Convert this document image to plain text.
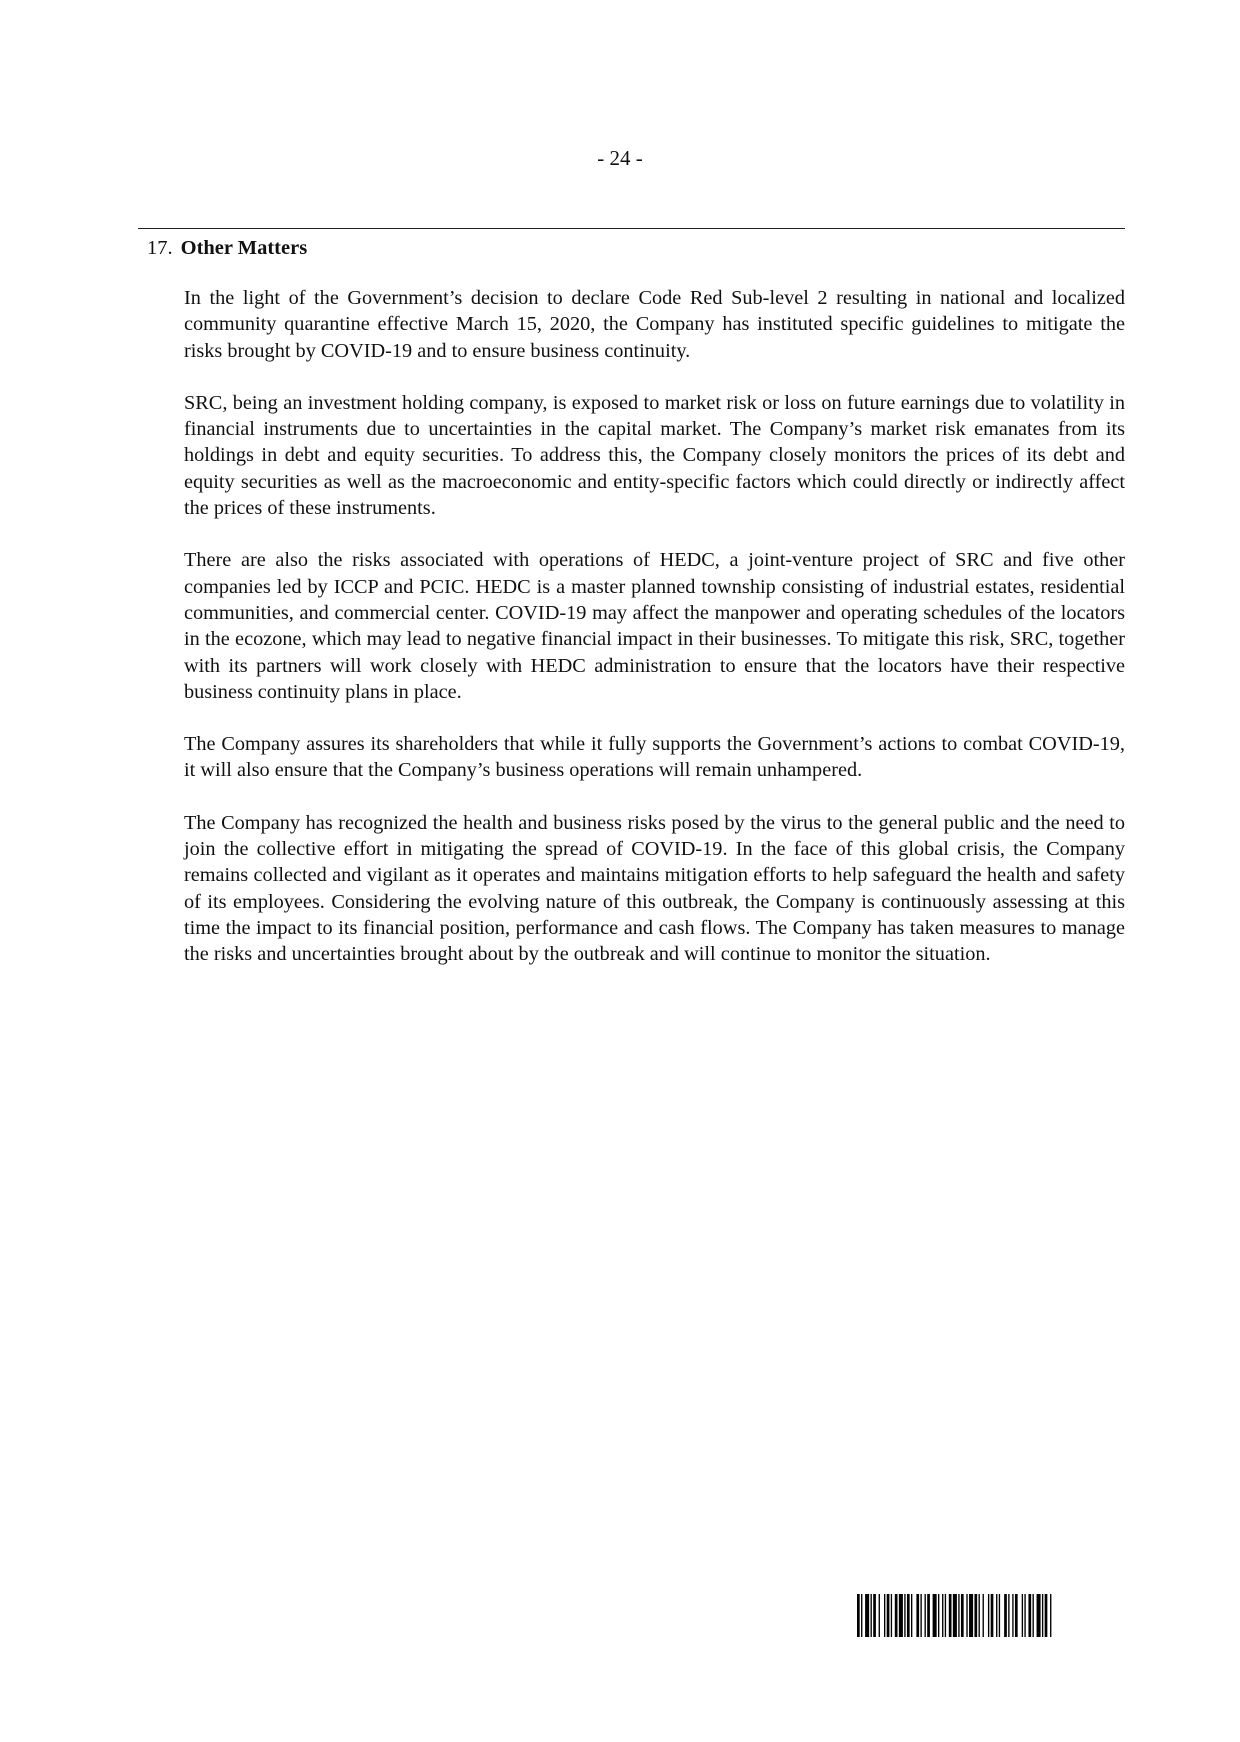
- 24 -
17. Other Matters

In the light of the Government’s decision to declare Code Red Sub-level 2 resulting in national and localized community quarantine effective March 15, 2020, the Company has instituted specific guidelines to mitigate the risks brought by COVID-19 and to ensure business continuity.

SRC, being an investment holding company, is exposed to market risk or loss on future earnings due to volatility in financial instruments due to uncertainties in the capital market. The Company’s market risk emanates from its holdings in debt and equity securities. To address this, the Company closely monitors the prices of its debt and equity securities as well as the macroeconomic and entity-specific factors which could directly or indirectly affect the prices of these instruments.

There are also the risks associated with operations of HEDC, a joint-venture project of SRC and five other companies led by ICCP and PCIC. HEDC is a master planned township consisting of industrial estates, residential communities, and commercial center. COVID-19 may affect the manpower and operating schedules of the locators in the ecozone, which may lead to negative financial impact in their businesses. To mitigate this risk, SRC, together with its partners will work closely with HEDC administration to ensure that the locators have their respective business continuity plans in place.

The Company assures its shareholders that while it fully supports the Government’s actions to combat COVID-19, it will also ensure that the Company’s business operations will remain unhampered.

The Company has recognized the health and business risks posed by the virus to the general public and the need to join the collective effort in mitigating the spread of COVID-19. In the face of this global crisis, the Company remains collected and vigilant as it operates and maintains mitigation efforts to help safeguard the health and safety of its employees. Considering the evolving nature of this outbreak, the Company is continuously assessing at this time the impact to its financial position, performance and cash flows. The Company has taken measures to manage the risks and uncertainties brought about by the outbreak and will continue to monitor the situation.
